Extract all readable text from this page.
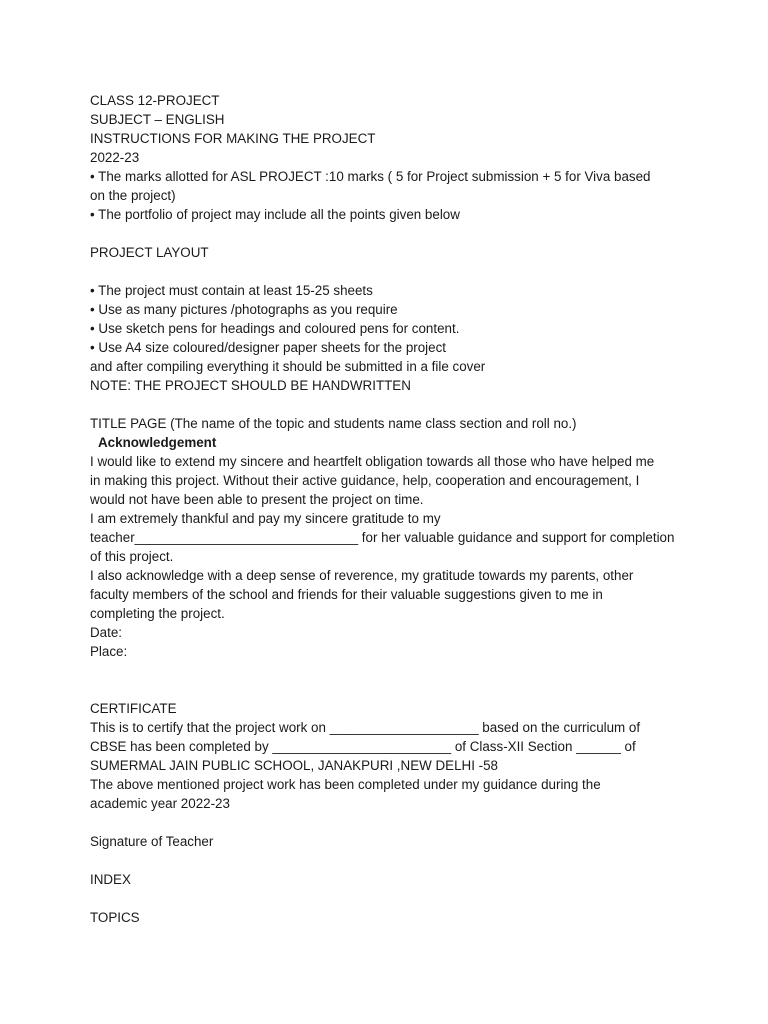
CLASS 12-PROJECT
SUBJECT – ENGLISH
INSTRUCTIONS FOR MAKING THE PROJECT
2022-23
• The marks allotted for ASL PROJECT :10 marks ( 5 for Project submission + 5 for Viva based
on the project)
• The portfolio of project may include all the points given below
PROJECT LAYOUT
• The project must contain at least 15-25 sheets
• Use as many pictures /photographs as you require
• Use sketch pens for headings and coloured pens for content.
• Use A4 size coloured/designer paper sheets for the project
and after compiling everything it should be submitted in a file cover
NOTE: THE PROJECT SHOULD BE HANDWRITTEN
TITLE PAGE (The name of the topic and students name class section and roll no.)
Acknowledgement
I would like to extend my sincere and heartfelt obligation towards all those who have helped me
in making this project. Without their active guidance, help, cooperation and encouragement, I
would not have been able to present the project on time.
I am extremely thankful and pay my sincere gratitude to my
teacher______________________________ for her valuable guidance and support for completion
of this project.
I also acknowledge with a deep sense of reverence, my gratitude towards my parents, other
faculty members of the school and friends for their valuable suggestions given to me in
completing the project.
Date:
Place:
CERTIFICATE
This is to certify that the project work on ____________________ based on the curriculum of
CBSE has been completed by ________________________ of Class-XII Section ______ of
SUMERMAL JAIN PUBLIC SCHOOL, JANAKPURI ,NEW DELHI -58
The above mentioned project work has been completed under my guidance during the
academic year 2022-23
Signature of Teacher
INDEX
TOPICS
